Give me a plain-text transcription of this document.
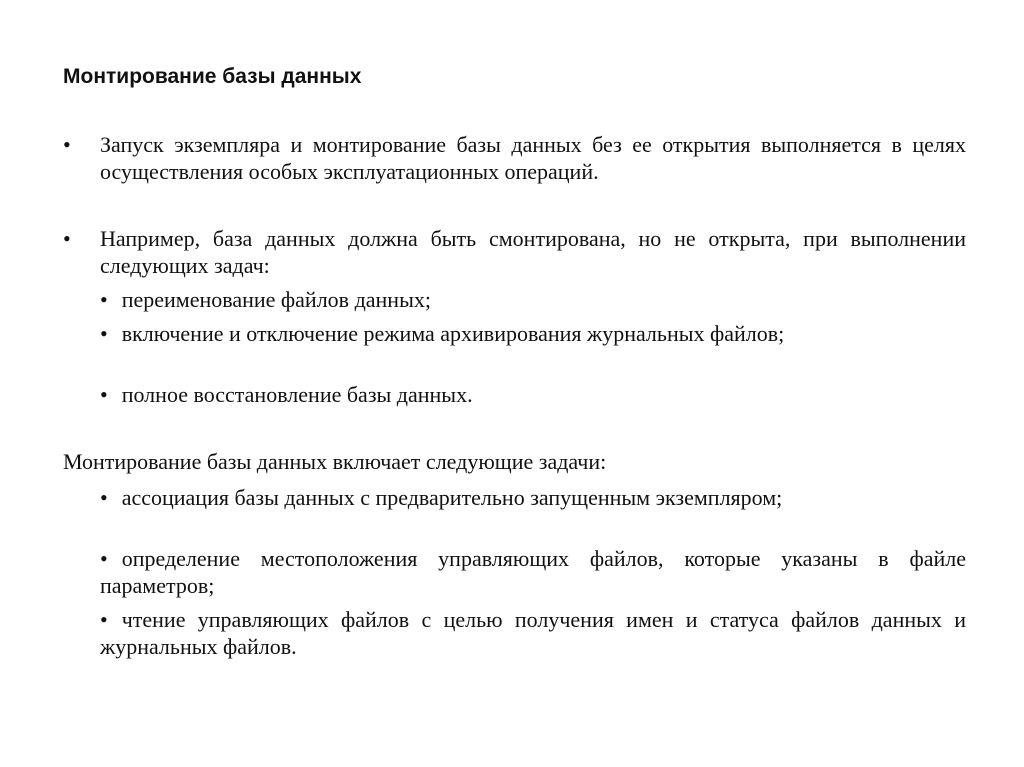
Монтирование базы данных
• Запуск экземпляра и монтирование базы данных без ее открытия выполняется в целях осуществления особых эксплуатационных операций.
• Например, база данных должна быть смонтирована, но не открыта, при выполнении следующих задач:
• переименование файлов данных;
• включение и отключение режима архивирования журнальных файлов;
• полное восстановление базы данных.
Монтирование базы данных включает следующие задачи:
• ассоциация базы данных с предварительно запущенным экземпляром;
• определение местоположения управляющих файлов, которые указаны в файле параметров;
• чтение управляющих файлов с целью получения имен и статуса файлов данных и журнальных файлов.
